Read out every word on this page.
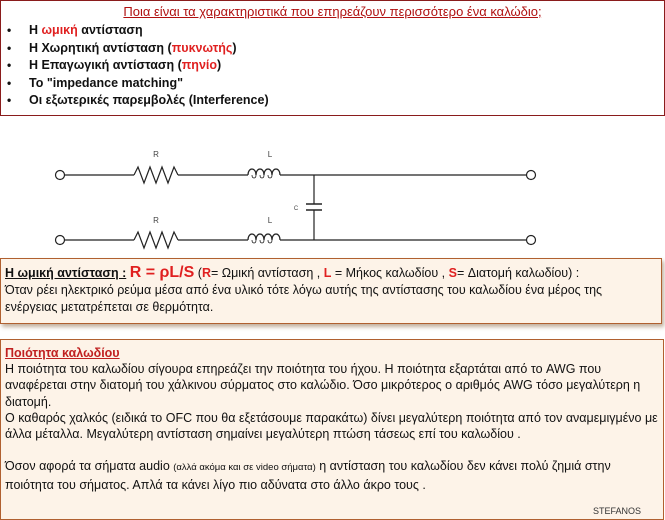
Ποια είναι τα χαρακτηριστικά που επηρεάζουν περισσότερο ένα καλώδιο;
• Η ωμική αντίσταση
• Η Χωρητική αντίσταση (πυκνωτής)
• Η Επαγωγική αντίσταση (πηνίο)
• Το "impedance matching"
• Οι εξωτερικές παρεμβολές (Interference)
R	L
C
R	L
Η ωμική αντίσταση : R = ρL/S (R= Ωμική αντίσταση , L = Μήκος καλωδίου , S= Διατομή καλωδίου) :
Όταν ρέει ηλεκτρικό ρεύμα μέσα από ένα υλικό τότε λόγω αυτής της αντίστασης του καλωδίου ένα μέρος της ενέργειας μετατρέπεται σε θερμότητα.
Ποιότητα καλωδίου

Η ποιότητα του καλωδίου σίγουρα επηρεάζει την ποιότητα του ήχου. Η ποιότητα εξαρτάται από το AWG που αναφέρεται στην διατομή του χάλκινου σύρματος στο καλώδιο. Όσο μικρότερος ο αριθμός AWG τόσο μεγαλύτερη η διατομή.

Ο καθαρός χαλκός (ειδικά το OFC που θα εξετάσουμε παρακάτω) δίνει μεγαλύτερη ποιότητα από τον αναμεμιγμένο με άλλα μέταλλα. Μεγαλύτερη αντίσταση σημαίνει μεγαλύτερη πτώση τάσεως επί του καλωδίου .

Όσον αφορά τα σήματα audio (αλλά ακόμα και σε video σήματα) η αντίσταση του καλωδίου δεν κάνει πολύ ζημιά στην ποιότητα του σήματος. Απλά τα κάνει λίγο πιο αδύνατα στο άλλο άκρο τους .

STEFANOS
